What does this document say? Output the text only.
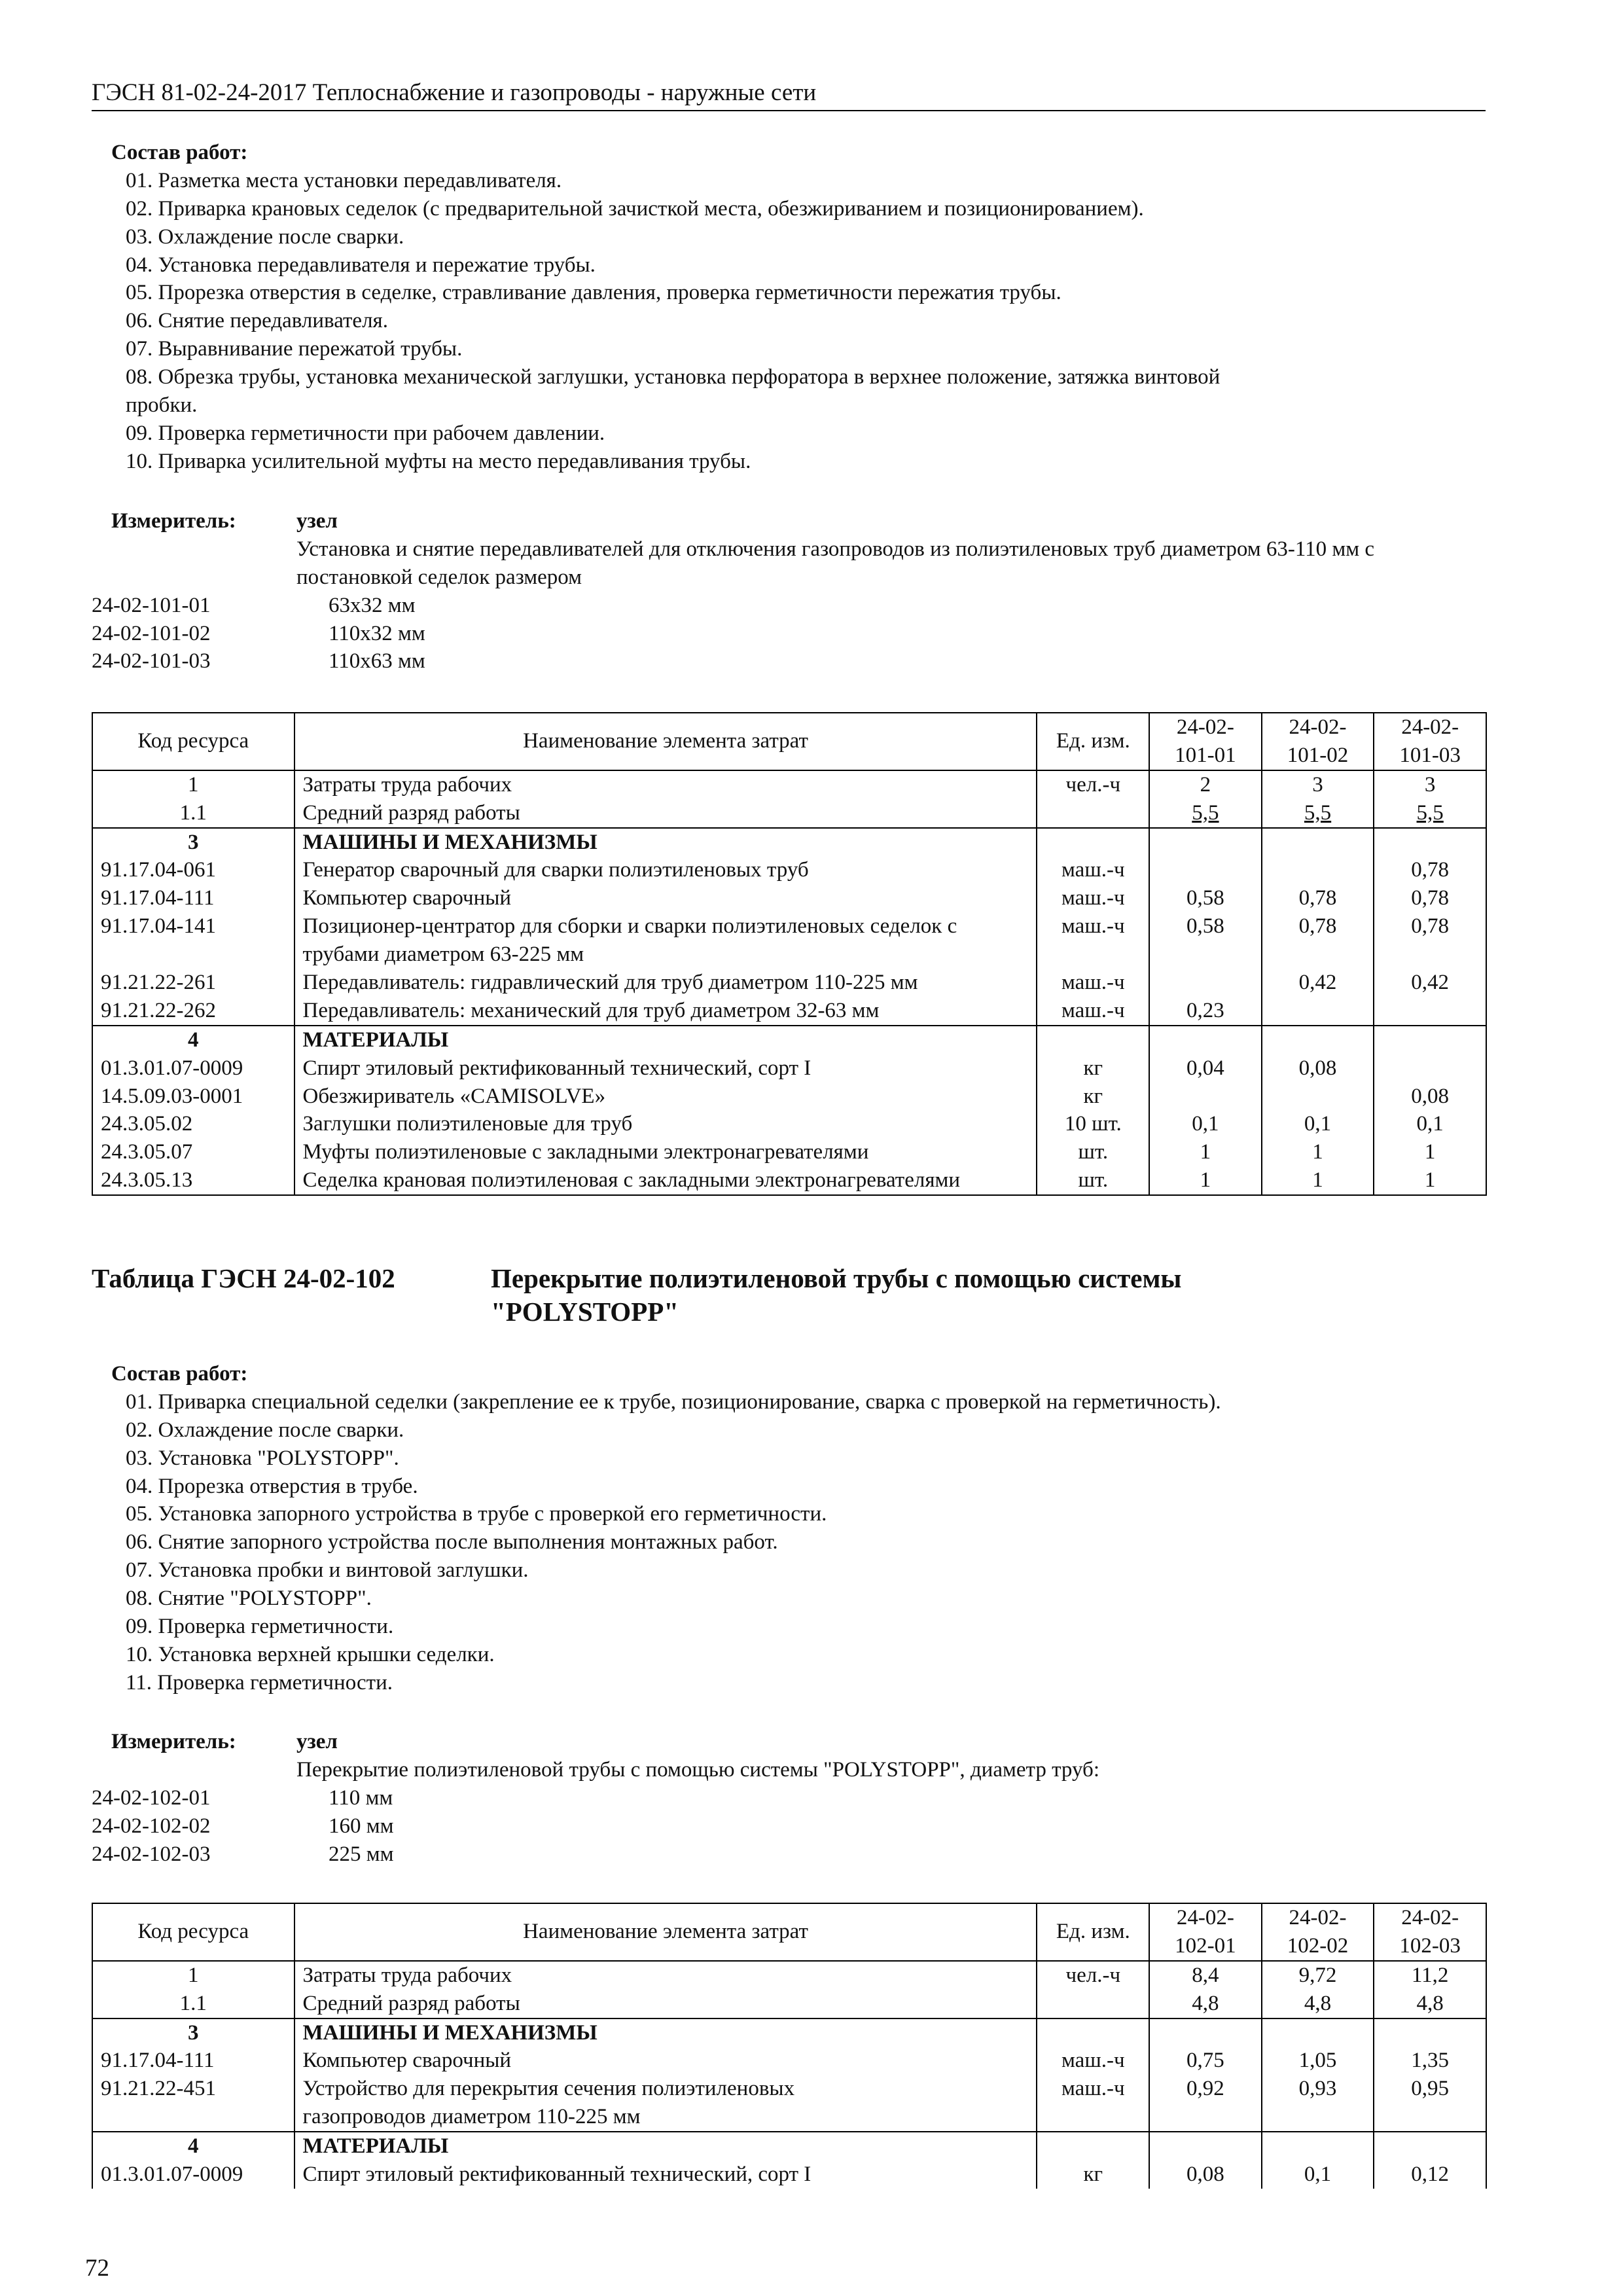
ГЭСН 81-02-24-2017 Теплоснабжение и газопроводы - наружные сети
Состав работ:
01. Разметка места установки передавливателя.
02. Приварка крановых седелок (с предварительной зачисткой места, обезжириванием и позиционированием).
03. Охлаждение после сварки.
04. Установка передавливателя и пережатие трубы.
05. Прорезка отверстия в седелке, стравливание давления, проверка герметичности пережатия трубы.
06. Снятие передавливателя.
07. Выравнивание пережатой трубы.
08. Обрезка трубы, установка механической заглушки, установка перфоратора в верхнее положение, затяжка винтовой пробки.
09. Проверка герметичности при рабочем давлении.
10. Приварка усилительной муфты на место передавливания трубы.
Измеритель:	узел
Установка и снятие передавливателей для отключения газопроводов из полиэтиленовых труб диаметром 63-110 мм с постановкой седелок размером
24-02-101-01	63x32 мм
24-02-101-02	110x32 мм
24-02-101-03	110x63 мм
Код ресурса	Наименование элемента затрат	Ед. изм.	24-02-101-01	24-02-101-02	24-02-101-03
1	Затраты труда рабочих	чел.-ч	2	3	3
1.1	Средний разряд работы		5,5	5,5	5,5
3	МАШИНЫ И МЕХАНИЗМЫ				
91.17.04-061	Генератор сварочный для сварки полиэтиленовых труб	маш.-ч			0,78
91.17.04-111	Компьютер сварочный	маш.-ч	0,58	0,78	0,78
91.17.04-141	Позиционер-центратор для сборки и сварки полиэтиленовых седелок с трубами диаметром 63-225 мм	маш.-ч	0,58	0,78	0,78
91.21.22-261	Передавливатель: гидравлический для труб диаметром 110-225 мм	маш.-ч		0,42	0,42
91.21.22-262	Передавливатель: механический для труб диаметром 32-63 мм	маш.-ч	0,23		
4	МАТЕРИАЛЫ				
01.3.01.07-0009	Спирт этиловый ректификованный технический, сорт I	кг	0,04	0,08	
14.5.09.03-0001	Обезжириватель «CAMISOLVE»	кг			0,08
24.3.05.02	Заглушки полиэтиленовые для труб	10 шт.	0,1	0,1	0,1
24.3.05.07	Муфты полиэтиленовые с закладными электронагревателями	шт.	1	1	1
24.3.05.13	Седелка крановая полиэтиленовая с закладными электронагревателями	шт.	1	1	1
Таблица ГЭСН 24-02-102	Перекрытие полиэтиленовой трубы с помощью системы "POLYSTOPP"
Состав работ:
01. Приварка специальной седелки (закрепление ее к трубе, позиционирование, сварка с проверкой на герметичность).
02. Охлаждение после сварки.
03. Установка "POLYSTOPP".
04. Прорезка отверстия в трубе.
05. Установка запорного устройства в трубе с проверкой его герметичности.
06. Снятие запорного устройства после выполнения монтажных работ.
07. Установка пробки и винтовой заглушки.
08. Снятие "POLYSTOPP".
09. Проверка герметичности.
10. Установка верхней крышки седелки.
11. Проверка герметичности.
Измеритель:	узел
Перекрытие полиэтиленовой трубы с помощью системы "POLYSTOPP", диаметр труб:
24-02-102-01	110 мм
24-02-102-02	160 мм
24-02-102-03	225 мм
Код ресурса	Наименование элемента затрат	Ед. изм.	24-02-102-01	24-02-102-02	24-02-102-03
1	Затраты труда рабочих	чел.-ч	8,4	9,72	11,2
1.1	Средний разряд работы		4,8	4,8	4,8
3	МАШИНЫ И МЕХАНИЗМЫ				
91.17.04-111	Компьютер сварочный	маш.-ч	0,75	1,05	1,35
91.21.22-451	Устройство для перекрытия сечения полиэтиленовых газопроводов диаметром 110-225 мм	маш.-ч	0,92	0,93	0,95
4	МАТЕРИАЛЫ				
01.3.01.07-0009	Спирт этиловый ректификованный технический, сорт I	кг	0,08	0,1	0,12
72
